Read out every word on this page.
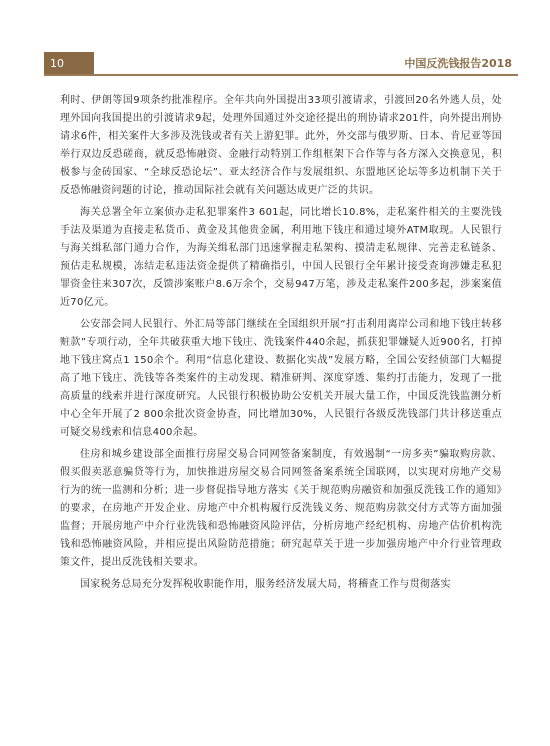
10	中国反洗钱报告2018

利时、伊朗等国9项条约批准程序。全年共向外国提出33项引渡请求，引渡回20名外逃人员，处理外国向我国提出的引渡请求9起，处理外国通过外交途径提出的刑协请求201件，向外提出刑协请求6件，相关案件大多涉及洗钱或者有关上游犯罪。此外，外交部与俄罗斯、日本、肯尼亚等国举行双边反恐磋商，就反恐怖融资、金融行动特别工作组框架下合作等与各方深入交换意见，积极参与金砖国家、“全球反恐论坛”、亚太经济合作与发展组织、东盟地区论坛等多边机制下关于反恐怖融资问题的讨论，推动国际社会就有关问题达成更广泛的共识。

海关总署全年立案侦办走私犯罪案件3 601起，同比增长10.8%，走私案件相关的主要洗钱手法及渠道为直接走私货币、黄金及其他贵金属，利用地下钱庄和通过境外ATM取现。人民银行与海关缉私部门通力合作，为海关缉私部门迅速掌握走私架构、摸清走私规律、完善走私链条、预估走私规模，冻结走私违法资金提供了精确指引，中国人民银行全年累计接受查询涉嫌走私犯罪资金往来307次，反馈涉案账户8.6万余个，交易947万笔，涉及走私案件200多起，涉案案值近70亿元。

公安部会同人民银行、外汇局等部门继续在全国组织开展“打击利用离岸公司和地下钱庄转移赃款”专项行动，全年共破获重大地下钱庄、洗钱案件440余起，抓获犯罪嫌疑人近900名，打掉地下钱庄窝点1 150余个。利用“信息化建设、数据化实战”发展方略，全国公安经侦部门大幅提高了地下钱庄、洗钱等各类案件的主动发现、精准研判、深度穿透、集约打击能力，发现了一批高质量的线索并进行深度研究。人民银行积极协助公安机关开展大量工作，中国反洗钱监测分析中心全年开展了2 800余批次资金协查，同比增加30%，人民银行各级反洗钱部门共计移送重点可疑交易线索和信息400余起。

住房和城乡建设部全面推行房屋交易合同网签备案制度，有效遏制“一房多卖”骗取购房款、假买假卖恶意骗贷等行为，加快推进房屋交易合同网签备案系统全国联网，以实现对房地产交易行为的统一监测和分析；进一步督促指导地方落实《关于规范购房融资和加强反洗钱工作的通知》的要求，在房地产开发企业、房地产中介机构履行反洗钱义务、规范购房款交付方式等方面加强监督；开展房地产中介行业洗钱和恐怖融资风险评估，分析房地产经纪机构、房地产估价机构洗钱和恐怖融资风险，并相应提出风险防范措施；研究起草关于进一步加强房地产中介行业管理政策文件，提出反洗钱相关要求。

国家税务总局充分发挥税收职能作用，服务经济发展大局，将稽查工作与贯彻落实
